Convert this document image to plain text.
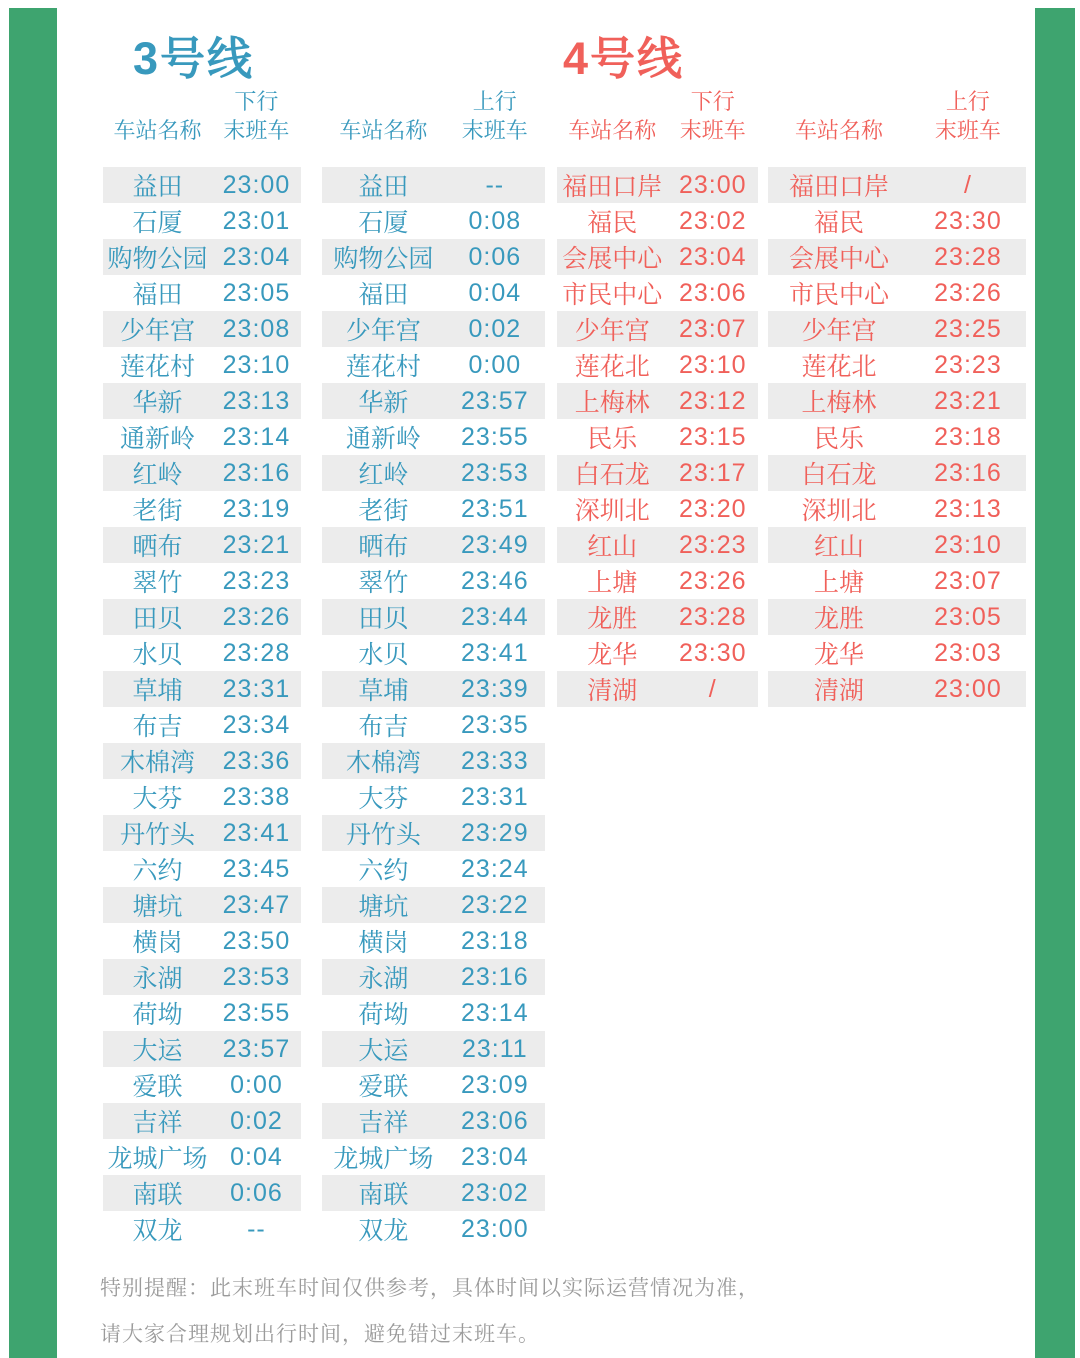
3号线	4号线
下行
车站名称 末班车
益田	23:00
石厦	23:01
购物公园 23:04
福田	23:05
少年宫	23:08
莲花村	23:10
华新	23:13
通新岭	23:14
红岭	23:16
老街	23:19
晒布	23:21
翠竹	23:23
田贝	23:26
水贝	23:28
草埔	23:31
布吉	23:34
木棉湾	23:36
大芬	23:38
丹竹头	23:41
六约	23:45
塘坑	23:47
横岗	23:50
永湖	23:53
荷坳	23:55
大运	23:57
爱联	0:00
吉祥	0:02
龙城广场 0:04
南联	0:06
双龙	--
上行
车站名称	末班车
益田	--
石厦	0:08
购物公园	0:06
福田	0:04
少年宫	0:02
莲花村	0:00
华新	23:57
通新岭	23:55
红岭	23:53
老街	23:51
晒布	23:49
翠竹	23:46
田贝	23:44
水贝	23:41
草埔	23:39
布吉	23:35
木棉湾	23:33
大芬	23:31
丹竹头	23:29
六约	23:24
塘坑	23:22
横岗	23:18
永湖	23:16
荷坳	23:14
大运	23:11
爱联	23:09
吉祥	23:06
龙城广场	23:04
南联	23:02
双龙	23:00
下行
车站名称	末班车
福田口岸 23:00
福民	23:02
会展中心 23:04
市民中心 23:06
少年宫	23:07
莲花北	23:10
上梅林	23:12
民乐	23:15
白石龙	23:17
深圳北	23:20
红山	23:23
上塘	23:26
龙胜	23:28
龙华	23:30
清湖	/
上行
车站名称	末班车
福田口岸	/
福民	23:30
会展中心	23:28
市民中心	23:26
少年宫	23:25
莲花北	23:23
上梅林	23:21
民乐	23:18
白石龙	23:16
深圳北	23:13
红山	23:10
上塘	23:07
龙胜	23:05
龙华	23:03
清湖	23:00
特别提醒：此末班车时间仅供参考，具体时间以实际运营情况为准，
请大家合理规划出行时间，避免错过末班车。
